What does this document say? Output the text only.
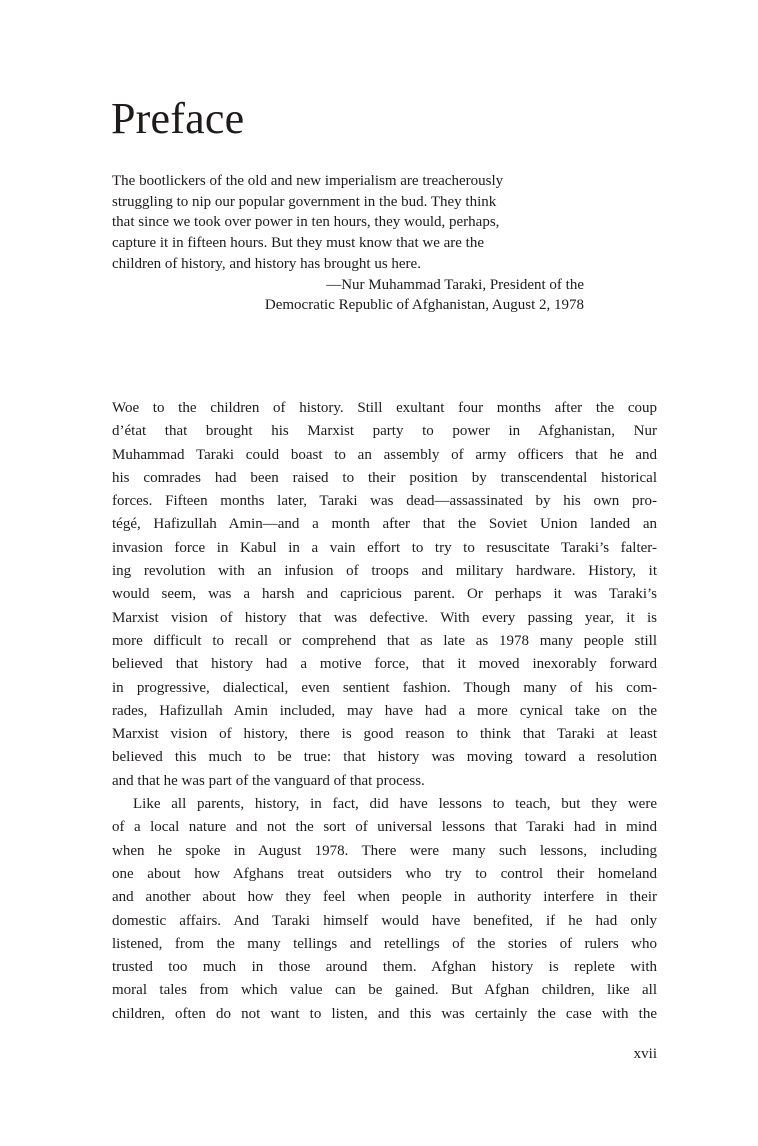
Preface
The bootlickers of the old and new imperialism are treacherously
struggling to nip our popular government in the bud. They think
that since we took over power in ten hours, they would, perhaps,
capture it in fifteen hours. But they must know that we are the
children of history, and history has brought us here.
—Nur Muhammad Taraki, President of the
Democratic Republic of Afghanistan, August 2, 1978
Woe to the children of history. Still exultant four months after the coup
d’état that brought his Marxist party to power in Afghanistan, Nur
Muhammad Taraki could boast to an assembly of army officers that he and
his comrades had been raised to their position by transcendental historical
forces. Fifteen months later, Taraki was dead—assassinated by his own pro-
tégé, Hafizullah Amin—and a month after that the Soviet Union landed an
invasion force in Kabul in a vain effort to try to resuscitate Taraki’s falter-
ing revolution with an infusion of troops and military hardware. History, it
would seem, was a harsh and capricious parent. Or perhaps it was Taraki’s
Marxist vision of history that was defective. With every passing year, it is
more difficult to recall or comprehend that as late as 1978 many people still
believed that history had a motive force, that it moved inexorably forward
in progressive, dialectical, even sentient fashion. Though many of his com-
rades, Hafizullah Amin included, may have had a more cynical take on the
Marxist vision of history, there is good reason to think that Taraki at least
believed this much to be true: that history was moving toward a resolution
and that he was part of the vanguard of that process.
Like all parents, history, in fact, did have lessons to teach, but they were
of a local nature and not the sort of universal lessons that Taraki had in mind
when he spoke in August 1978. There were many such lessons, including
one about how Afghans treat outsiders who try to control their homeland
and another about how they feel when people in authority interfere in their
domestic affairs. And Taraki himself would have benefited, if he had only
listened, from the many tellings and retellings of the stories of rulers who
trusted too much in those around them. Afghan history is replete with
moral tales from which value can be gained. But Afghan children, like all
children, often do not want to listen, and this was certainly the case with the
xvii
